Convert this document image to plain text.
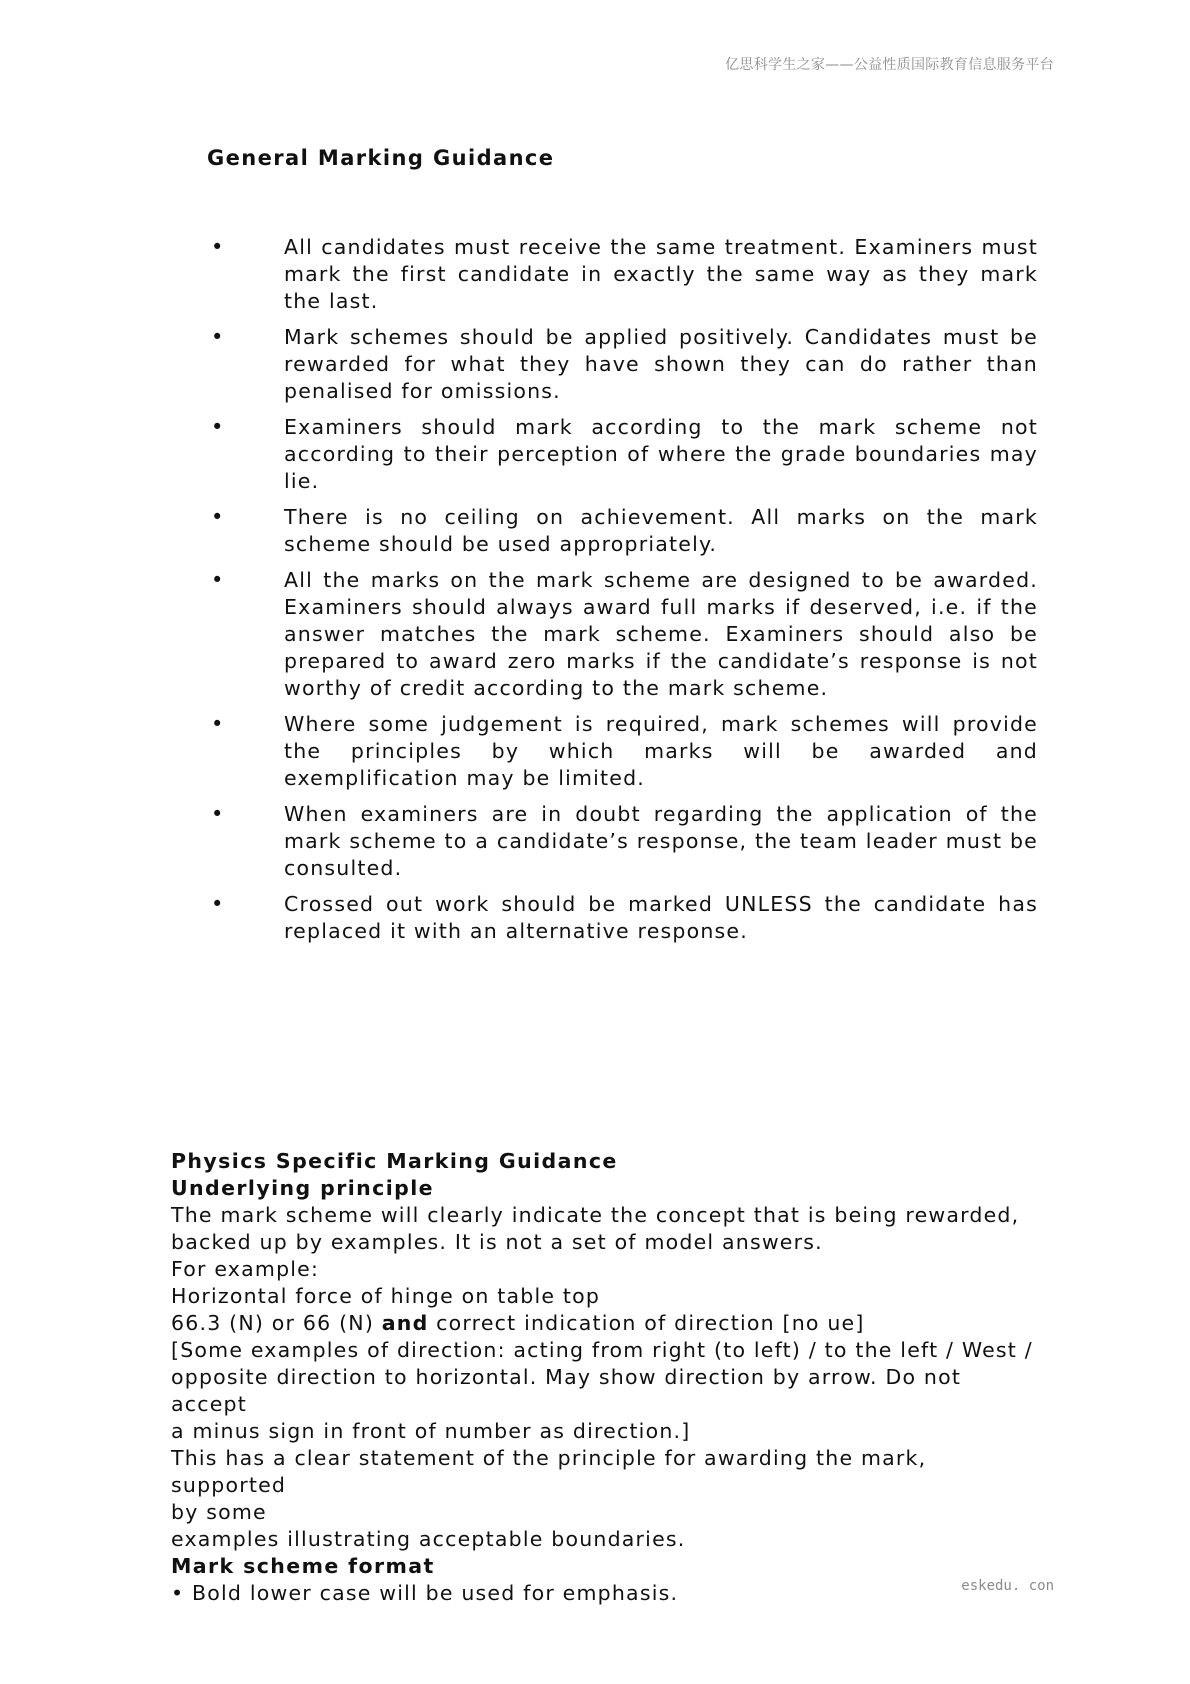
亿思科学生之家——公益性质国际教育信息服务平台
General Marking Guidance
•	All candidates must receive the same treatment. Examiners must mark the first candidate in exactly the same way as they mark the last.
•	Mark schemes should be applied positively. Candidates must be rewarded for what they have shown they can do rather than penalised for omissions.
•	Examiners should mark according to the mark scheme not according to their perception of where the grade boundaries may lie.
•	There is no ceiling on achievement. All marks on the mark scheme should be used appropriately.
•	All the marks on the mark scheme are designed to be awarded. Examiners should always award full marks if deserved, i.e. if the answer matches the mark scheme. Examiners should also be prepared to award zero marks if the candidate’s response is not worthy of credit according to the mark scheme.
•	Where some judgement is required, mark schemes will provide the principles by which marks will be awarded and exemplification may be limited.
•	When examiners are in doubt regarding the application of the mark scheme to a candidate’s response, the team leader must be consulted.
•	Crossed out work should be marked UNLESS the candidate has replaced it with an alternative response.
Physics Specific Marking Guidance
Underlying principle
The mark scheme will clearly indicate the concept that is being rewarded,
backed up by examples. It is not a set of model answers.
For example:
Horizontal force of hinge on table top
66.3 (N) or 66 (N) and correct indication of direction [no ue]
[Some examples of direction: acting from right (to left) / to the left / West /
opposite direction to horizontal. May show direction by arrow. Do not accept
a minus sign in front of number as direction.]
This has a clear statement of the principle for awarding the mark, supported
by some
examples illustrating acceptable boundaries.
Mark scheme format
• Bold lower case will be used for emphasis.	eskedu. con
